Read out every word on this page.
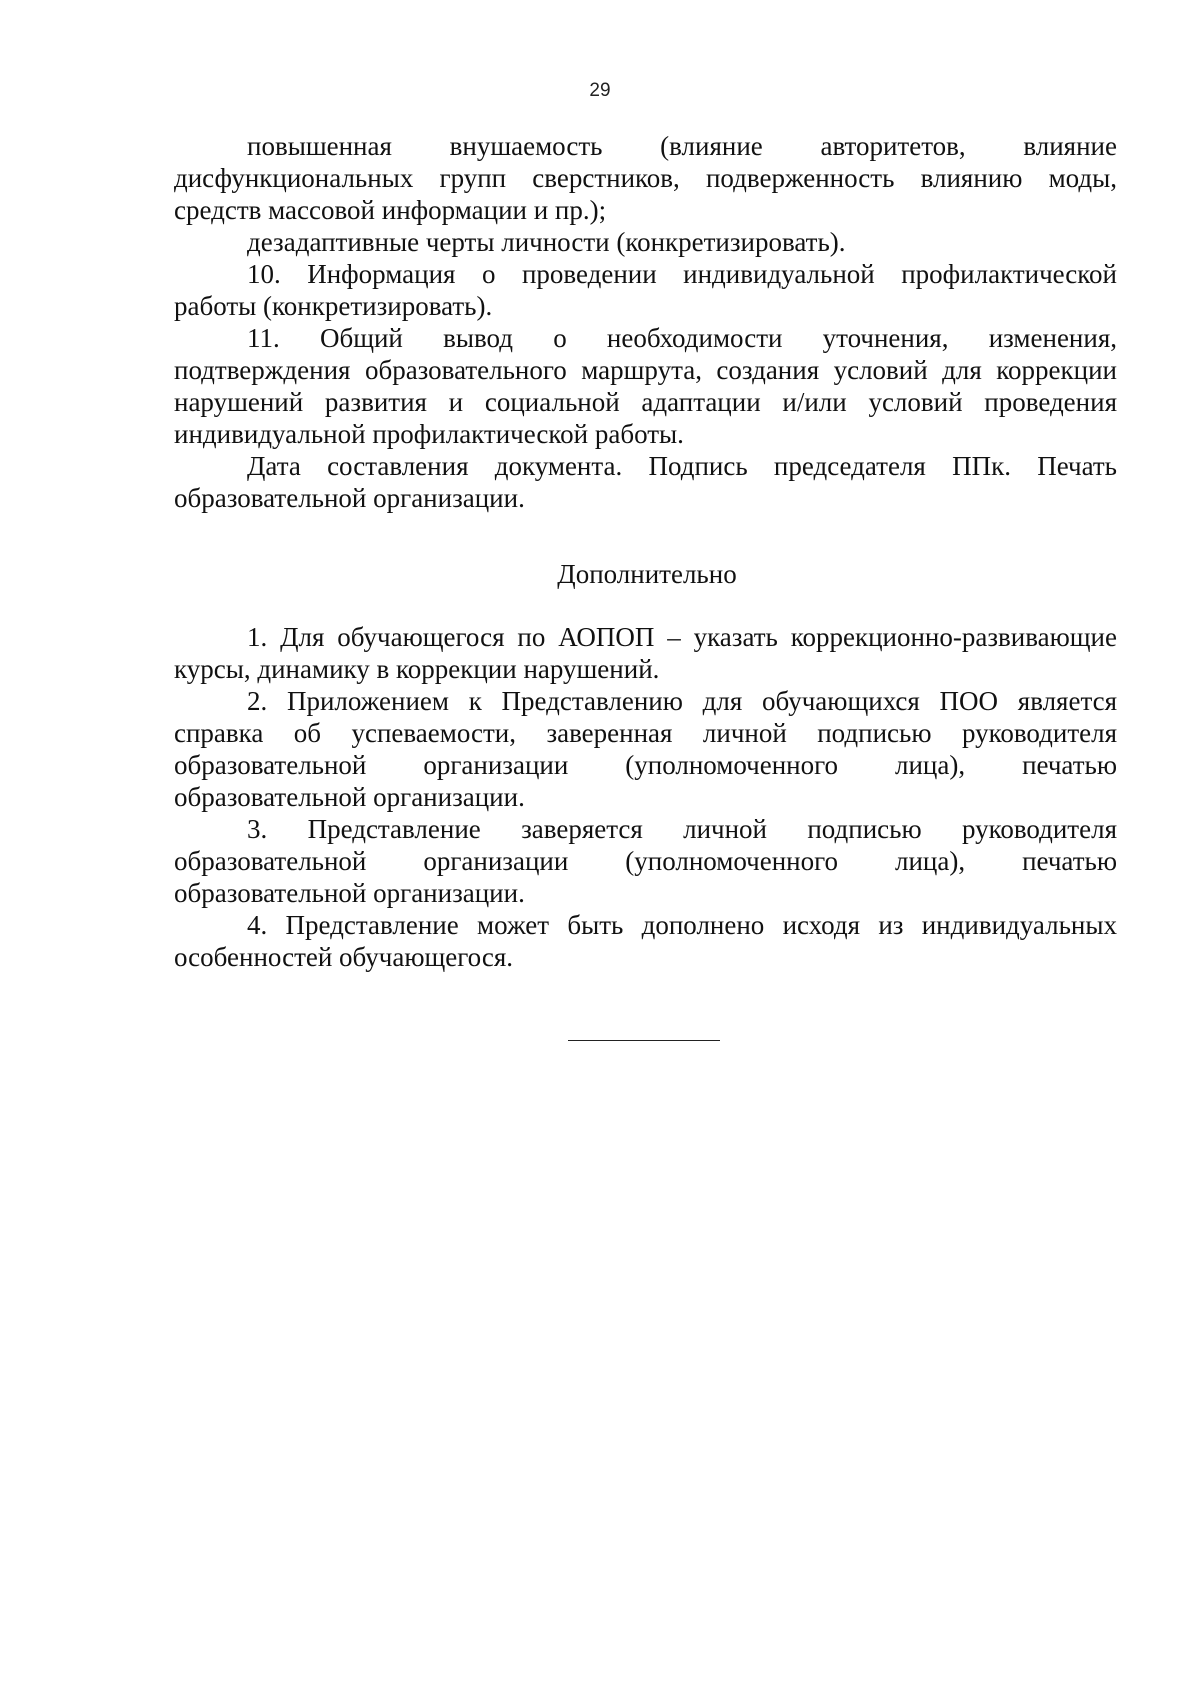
29

повышенная внушаемость (влияние авторитетов, влияние
дисфункциональных групп сверстников, подверженность влиянию моды,
средств массовой информации и пр.);

дезадаптивные черты личности (конкретизировать).

10. Информация о проведении индивидуальной профилактической
работы (конкретизировать).

11. Общий вывод о необходимости уточнения, изменения,
подтверждения образовательного маршрута, создания условий для коррекции
нарушений развития и социальной адаптации и/или условий проведения
индивидуальной профилактической работы.

Дата составления документа. Подпись председателя ППк. Печать
образовательной организации.

Дополнительно

1. Для обучающегося по АОПОП – указать коррекционно-развивающие
курсы, динамику в коррекции нарушений.

2. Приложением к Представлению для обучающихся ПОО является
справка об успеваемости, заверенная личной подписью руководителя
образовательной организации (уполномоченного лица), печатью
образовательной организации.

3. Представление заверяется личной подписью руководителя
образовательной организации (уполномоченного лица), печатью
образовательной организации.

4. Представление может быть дополнено исходя из индивидуальных
особенностей обучающегося.
